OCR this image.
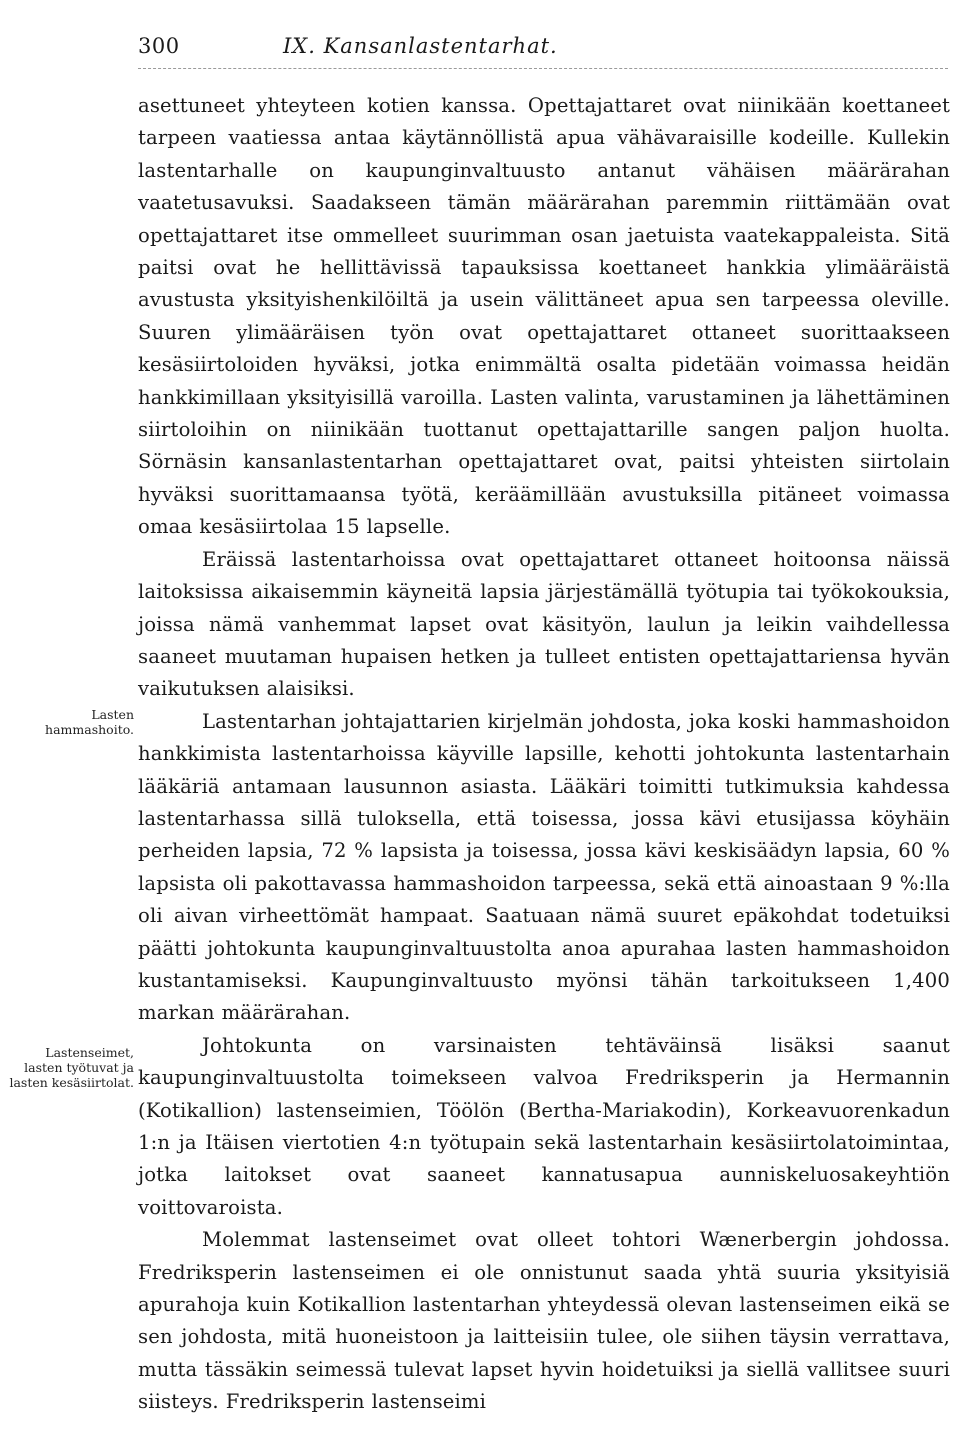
300	IX. Kansanlastentarhat.
Lasten hammashoito.
Lastenseimet, lasten työtuvat ja lasten kesäsiirtolat.

asettuneet yhteyteen kotien kanssa. Opettajattaret ovat niinikään koettaneet tarpeen vaatiessa antaa käytännöllistä apua vähävaraisille kodeille. Kullekin lastentarhalle on kaupunginvaltuusto antanut vähäisen määrärahan vaatetusavuksi. Saadakseen tämän määrärahan paremmin riittämään ovat opettajattaret itse ommelleet suurimman osan jaetuista vaatekappaleista. Sitä paitsi ovat he hellittävissä tapauksissa koettaneet hankkia ylimääräistä avustusta yksityishenkilöiltä ja usein välittäneet apua sen tarpeessa oleville. Suuren ylimääräisen työn ovat opettajattaret ottaneet suorittaakseen kesäsiirtoloiden hyväksi, jotka enimmältä osalta pidetään voimassa heidän hankkimillaan yksityisillä varoilla. Lasten valinta, varustaminen ja lähettäminen siirtoloihin on niinikään tuottanut opettajattarille sangen paljon huolta. Sörnäsin kansanlastentarhan opettajattaret ovat, paitsi yhteisten siirtolain hyväksi suorittamaansa työtä, keräämillään avustuksilla pitäneet voimassa omaa kesäsiirtolaa 15 lapselle.

Eräissä lastentarhoissa ovat opettajattaret ottaneet hoitoonsa näissä laitoksissa aikaisemmin käyneitä lapsia järjestämällä työtupia tai työkokouksia, joissa nämä vanhemmat lapset ovat käsityön, laulun ja leikin vaihdellessa saaneet muutaman hupaisen hetken ja tulleet entisten opettajattariensa hyvän vaikutuksen alaisiksi.

Lastentarhan johtajattarien kirjelmän johdosta, joka koski hammashoidon hankkimista lastentarhoissa käyville lapsille, kehotti johtokunta lastentarhain lääkäriä antamaan lausunnon asiasta. Lääkäri toimitti tutkimuksia kahdessa lastentarhassa sillä tuloksella, että toisessa, jossa kävi etusijassa köyhäin perheiden lapsia, 72 % lapsista ja toisessa, jossa kävi keskisäädyn lapsia, 60 % lapsista oli pakottavassa hammashoidon tarpeessa, sekä että ainoastaan 9 %:lla oli aivan virheettömät hampaat. Saatuaan nämä suuret epäkohdat todetuiksi päätti johtokunta kaupunginvaltuustolta anoa apurahaa lasten hammashoidon kustantamiseksi. Kaupunginvaltuusto myönsi tähän tarkoitukseen 1,400 markan määrärahan.

Johtokunta on varsinaisten tehtäväinsä lisäksi saanut kaupunginvaltuustolta toimekseen valvoa Fredriksperin ja Hermannin (Kotikallion) lastenseimien, Töölön (Bertha-Mariakodin), Korkeavuorenkadun 1:n ja Itäisen viertotien 4:n työtupain sekä lastentarhain kesäsiirtolatoimintaa, jotka laitokset ovat saaneet kannatusapua aunniskeluosakeyhtiön voittovaroista.

Molemmat lastenseimet ovat olleet tohtori Wænerbergin johdossa. Fredriksperin lastenseimen ei ole onnistunut saada yhtä suuria yksityisiä apurahoja kuin Kotikallion lastentarhan yhteydessä olevan lastenseimen eikä se sen johdosta, mitä huoneistoon ja laitteisiin tulee, ole siihen täysin verrattava, mutta tässäkin seimessä tulevat lapset hyvin hoidetuiksi ja siellä vallitsee suuri siisteys. Fredriksperin lastenseimi
